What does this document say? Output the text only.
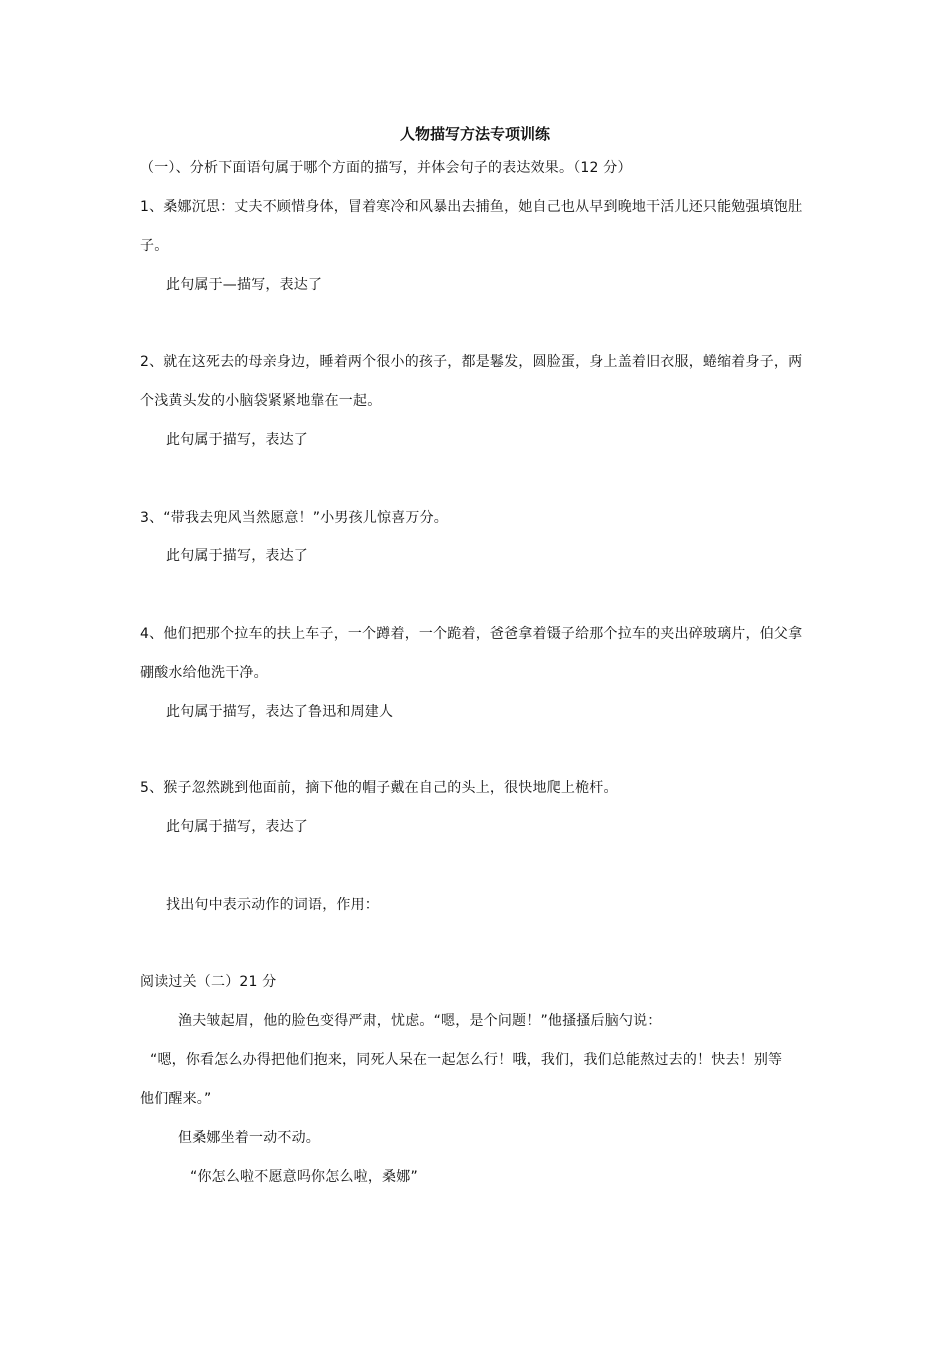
人物描写方法专项训练
（一）、分析下面语句属于哪个方面的描写，并体会句子的表达效果。（12 分）
1、桑娜沉思：丈夫不顾惜身体，冒着寒冷和风暴出去捕鱼，她自己也从早到晚地干活儿还只能勉强填饱肚
子。
此句属于—描写，表达了
2、就在这死去的母亲身边，睡着两个很小的孩子，都是鬈发，圆脸蛋，身上盖着旧衣服，蜷缩着身子，两
个浅黄头发的小脑袋紧紧地靠在一起。
此句属于描写，表达了
3、“带我去兜风当然愿意！”小男孩儿惊喜万分。
此句属于描写，表达了
4、他们把那个拉车的扶上车子，一个蹲着，一个跪着，爸爸拿着镊子给那个拉车的夹出碎玻璃片，伯父拿
硼酸水给他洗干净。
此句属于描写，表达了鲁迅和周建人
5、猴子忽然跳到他面前，摘下他的帽子戴在自己的头上，很快地爬上桅杆。
此句属于描写，表达了
找出句中表示动作的词语，作用：
阅读过关（二）21 分
渔夫皱起眉，他的脸色变得严肃，忧虑。“嗯，是个问题！”他搔搔后脑勺说：
“嗯，你看怎么办得把他们抱来，同死人呆在一起怎么行！哦，我们，我们总能熬过去的！快去！别等
他们醒来。”
但桑娜坐着一动不动。
“你怎么啦不愿意吗你怎么啦，桑娜”
